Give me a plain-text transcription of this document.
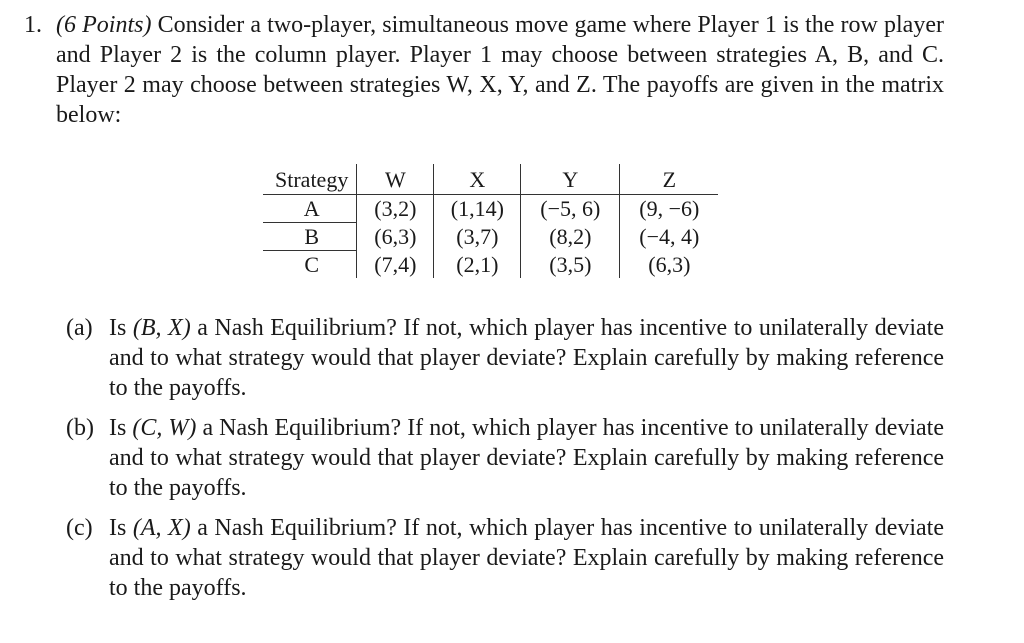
1. (6 Points) Consider a two-player, simultaneous move game where Player 1 is the row player and Player 2 is the column player. Player 1 may choose between strategies A, B, and C. Player 2 may choose between strategies W, X, Y, and Z. The payoffs are given in the matrix below:
Strategy	W	X	Y	Z
A	(3,2)	(1,14)	(−5, 6)	(9, −6)
B	(6,3)	(3,7)	(8,2)	(−4, 4)
C	(7,4)	(2,1)	(3,5)	(6,3)
(a) Is (B, X) a Nash Equilibrium? If not, which player has incentive to unilaterally deviate and to what strategy would that player deviate? Explain carefully by making reference to the payoffs.
(b) Is (C, W) a Nash Equilibrium? If not, which player has incentive to unilaterally deviate and to what strategy would that player deviate? Explain carefully by making reference to the payoffs.
(c) Is (A, X) a Nash Equilibrium? If not, which player has incentive to unilaterally deviate and to what strategy would that player deviate? Explain carefully by making reference to the payoffs.
